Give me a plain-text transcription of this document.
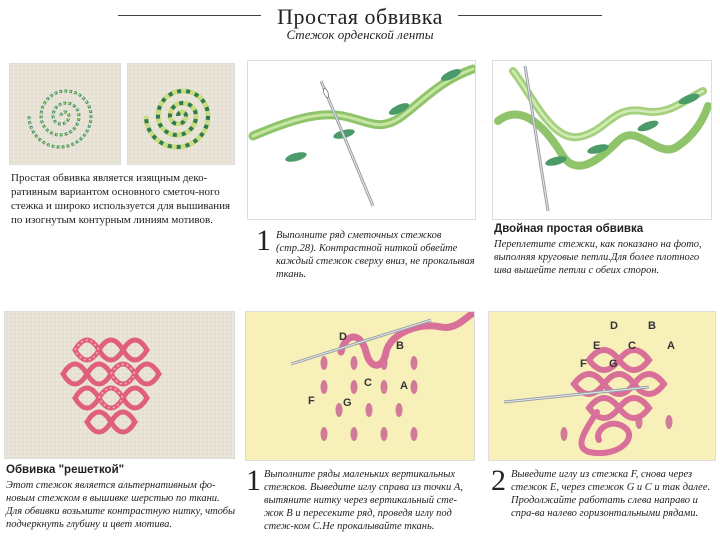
Простая обвивка
Стежок орденской ленты
Простая обвивка является изящным деко-ративным вариантом основного сметоч-ного стежка и широко используется для вышивания по изогнутым контурным линиям мотивов.
1 Выполните ряд сметочных стежков (стр.28). Контрастной ниткой обвейте каждый стежок сверху вниз, не прокалывая ткань.
Двойная простая обвивка
Переплетите стежки, как показано на фото, выполняя круговые петли.Для более плотного шва вышейте петли с обеих сторон.
Обвивка "решеткой"
Этот стежок является альтернативным фо-новым стежком в вышивке шерстью по ткани. Для обвивки возьмите контрастную нитку, чтобы подчеркнуть глубину и цвет мотива.
D
B
C	A
F	G
1 Выполните ряды маленьких вертикальных стежков. Выведите иглу справа из точки А, вытяните нитку через вертикальный сте-жок В и пересеките ряд, проведя иглу под стеж-ком С.Не прокалывайте ткань.
D	B
E	C	A
F G
2 Выведите иглу из стежка F, снова через стежок E, через стежок G и C и так далее. Продолжайте работать слева направо и спра-ва налево горизонтальными рядами.
